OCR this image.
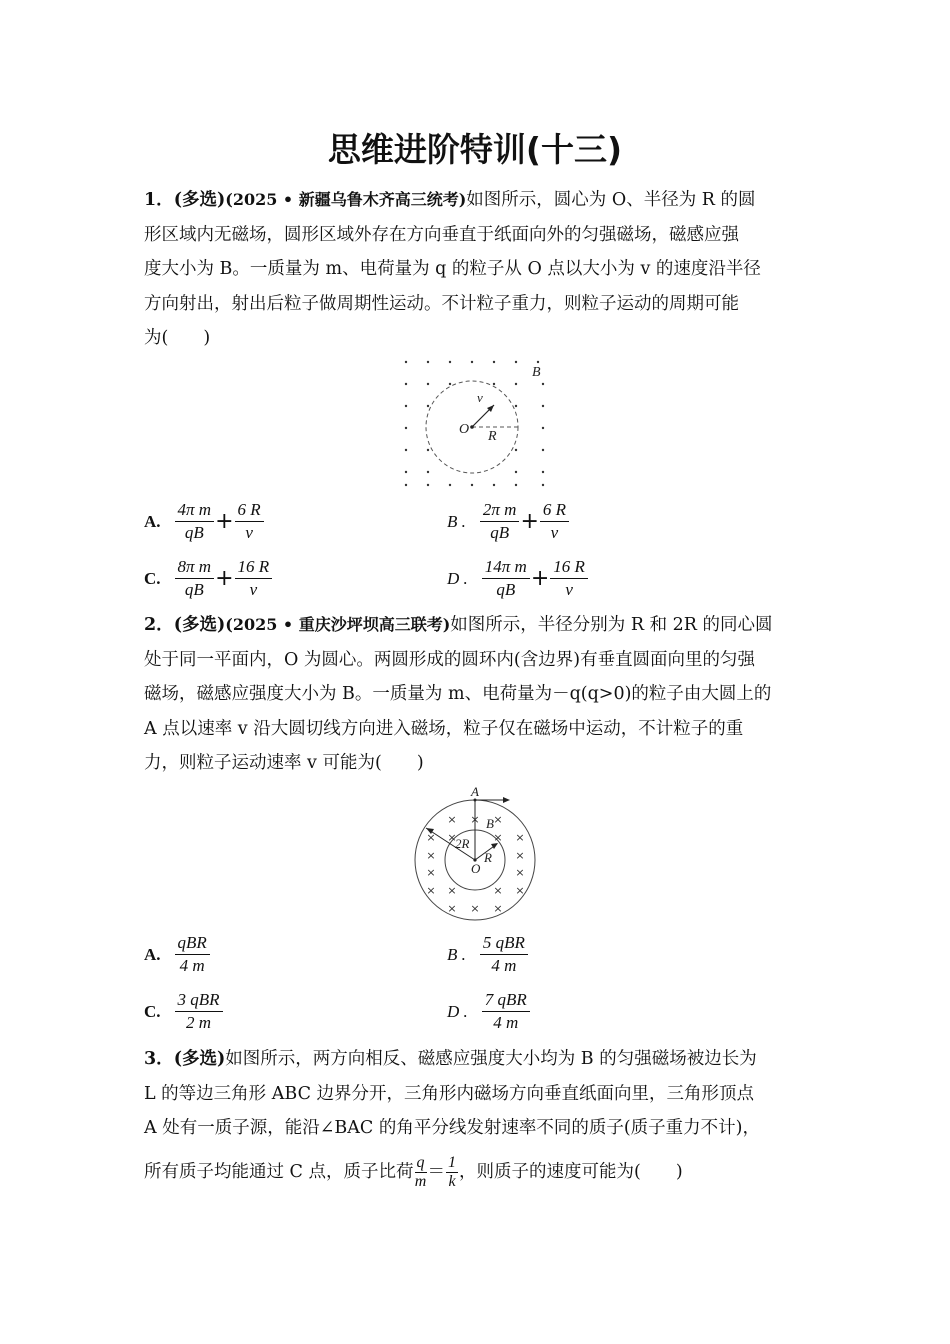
思维进阶特训(十三)
1．(多选)(2025 • 新疆乌鲁木齐高三统考)如图所示，圆心为 O、半径为 R 的圆
形区域内无磁场，圆形区域外存在方向垂直于纸面向外的匀强磁场，磁感应强
度大小为 B。一质量为 m、电荷量为 q 的粒子从 O 点以大小为 v 的速度沿半径
方向射出，射出后粒子做周期性运动。不计粒子重力，则粒子运动的周期可能
为(　　)
B
O R
v
A. $\frac{\text{4π m}}{qB} + \frac{6 R}{v}$	B . $\frac{\text{2π m}}{qB} + \frac{6 R}{v}$
C. $\frac{\text{8π m}}{qB} + \frac{16 R}{v}$	D . $\frac{\text{14π m}}{qB} + \frac{16 R}{v}$
2．(多选)(2025 • 重庆沙坪坝高三联考)如图所示，半径分别为 R 和 2R 的同心圆
处于同一平面内，O 为圆心。两圆形成的圆环内(含边界)有垂直圆面向里的匀强
磁场，磁感应强度大小为 B。一质量为 m、电荷量为－q(q>0)的粒子由大圆上的
A 点以速率 v 沿大圆切线方向进入磁场，粒子仅在磁场中运动，不计粒子的重
力，则粒子运动速率 v 可能为(　　)
× × ×
× ×	× ×
×	×
×	×
× ×	× ×
× × ×
A
B
2R
R
O
A. $\frac{\text{qBR}}{4 m}$	B . $\frac{\text{5 qBR}}{4 m}$
C. $\frac{\text{3 qBR}}{2 m}$	D . $\frac{\text{7 qBR}}{4 m}$
3．(多选)如图所示，两方向相反、磁感应强度大小均为 B 的匀强磁场被边长为
L 的等边三角形 ABC 边界分开，三角形内磁场方向垂直纸面向里，三角形顶点
A 处有一质子源，能沿∠BAC 的角平分线发射速率不同的质子(质子重力不计)，
所有质子均能通过 C 点，质子比荷 $\frac{q}{m} = \frac{1}{k}$ ，则质子的速度可能为(　　)
